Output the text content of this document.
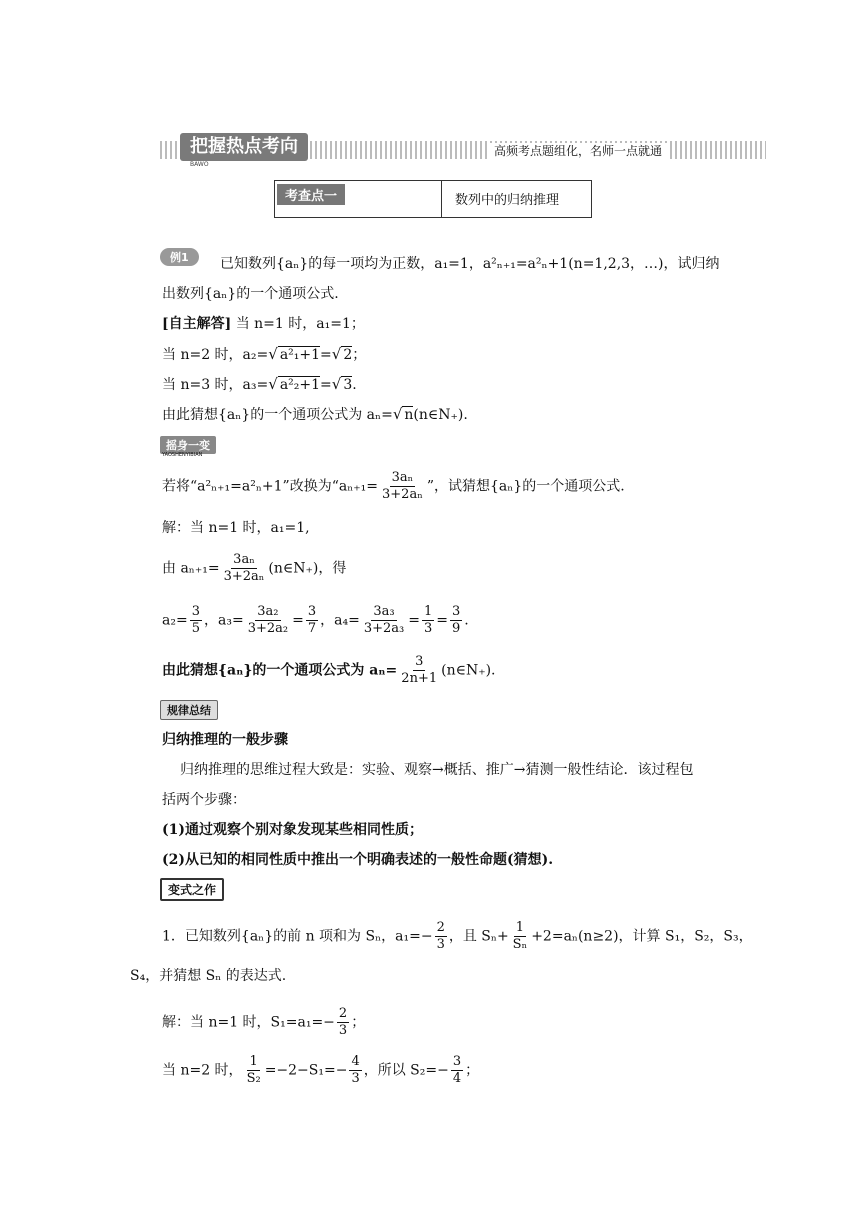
把握热点考向
BAWO
高频考点题组化，名师一点就通
考查点一	数列中的归纳推理
例1	已知数列{aₙ}的每一项均为正数，a₁=1，a²ₙ₊₁=a²ₙ+1(n=1,2,3，…)，试归纳
出数列{aₙ}的一个通项公式.
[自主解答] 当 n=1 时，a₁=1；
当 n=2 时，a₂=√ a²₁+1=√ 2；
当 n=3 时，a₃=√ a²₂+1=√ 3.
由此猜想{aₙ}的一个通项公式为 aₙ=√ n(n∈N₊).
摇身一变
YAOSHENYIBIAN
若将“a²ₙ₊₁=a²ₙ+1”改换为“$a_{n+1}= \frac{\text{3aₙ}}{\text{3+2aₙ}}$ ”，试猜想{aₙ}的一个通项公式.
解：当 n=1 时，a₁=1,
由 $a_{n+1}= \frac{\text{3aₙ}}{\text{3+2aₙ}}$ (n∈N₊)，得
$a_2= \frac{3}{5}$ ，$a_3= \frac{\text{3a₂}}{\text{3+2a₂}} = \frac{3}{7}$ ，$a_4= \frac{\text{3a₃}}{\text{3+2a₃}} = \frac{1}{3} = \frac{3}{9}$ .
由此猜想{aₙ}的一个通项公式为 $a_n= \frac{3}{2n+1}$ (n∈N₊).
规律总结
归纳推理的一般步骤
归纳推理的思维过程大致是：实验、观察→概括、推广→猜测一般性结论．该过程包
括两个步骤：
(1)通过观察个别对象发现某些相同性质；
(2)从已知的相同性质中推出一个明确表述的一般性命题(猜想).
变式之作
1．已知数列{aₙ}的前 n 项和为 Sₙ，$a_1=- \frac{2}{3}$ ，且 $S_n+ \frac{1}{\text{Sₙ}} +2=a_n(n\ge 2)$，计算 S₁，S₂，S₃，
S₄，并猜想 Sₙ 的表达式.
解：当 n=1 时，$S_1=a_1=- \frac{2}{3}$ ；
当 n=2 时， $\frac{1}{\text{S₂}} =-2-S_1=- \frac{4}{3}$ ，所以 $S_2=- \frac{3}{4}$ ；
